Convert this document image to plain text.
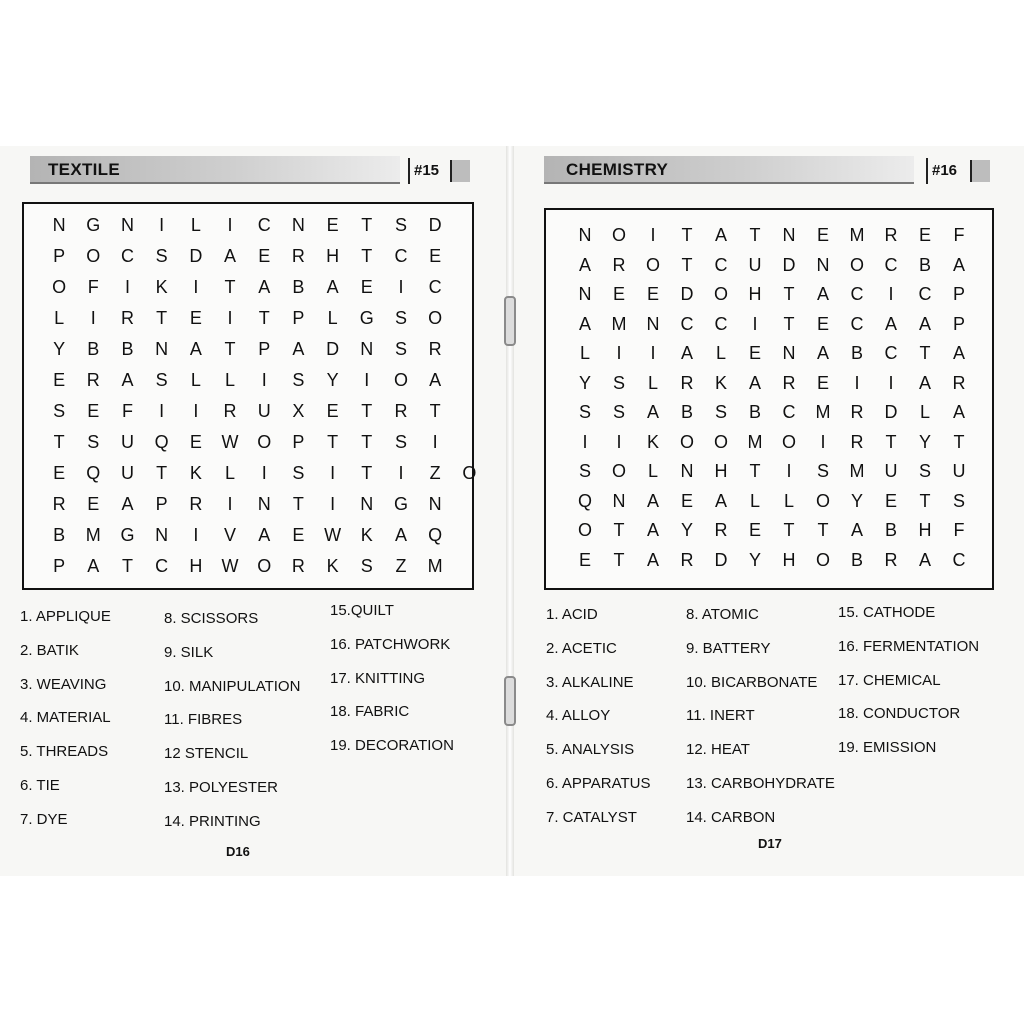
TEXTILE	#15
N	G	N	I	L	I	C	N	E	T	S	D
P	O	C	S	D	A	E	R	H	T	C	E
O	F	I	K	I	T	A	B	A	E	I	C
L	I	R	T	E	I	T	P	L	G	S	O
Y	B	B	N	A	T	P	A	D	N	S	R
E	R	A	S	L	L	I	S	Y	I	O	A
S	E	F	I	I	R	U	X	E	T	R	T
T	S	U	Q	E	W	O	P	T	T	S	I
E	Q	U	T	K	L	I	S	I	T	I	Z	O
R	E	A	P	R	I	N	T	I	N	G	N
B	M	G	N	I	V	A	E	W	K	A	Q
P	A	T	C	H	W	O	R	K	S	Z	M
1. APPLIQUE
2. BATIK
3. WEAVING
4. MATERIAL
5. THREADS
6. TIE
7. DYE
8. SCISSORS
9. SILK
10. MANIPULATION
11. FIBRES
12 STENCIL
13. POLYESTER
14. PRINTING
15.QUILT
16. PATCHWORK
17. KNITTING
18. FABRIC
19. DECORATION
D16
CHEMISTRY	#16
N	O	I	T	A	T	N	E	M	R	E	F
A	R	O	T	C	U	D	N	O	C	B	A
N	E	E	D	O	H	T	A	C	I	C	P
A	M	N	C	C	I	T	E	C	A	A	P
L	I	I	A	L	E	N	A	B	C	T	A
Y	S	L	R	K	A	R	E	I	I	A	R
S	S	A	B	S	B	C	M	R	D	L	A
I	I	K	O	O	M	O	I	R	T	Y	T
S	O	L	N	H	T	I	S	M	U	S	U
Q	N	A	E	A	L	L	O	Y	E	T	S
O	T	A	Y	R	E	T	T	A	B	H	F
E	T	A	R	D	Y	H	O	B	R	A	C
1. ACID
2. ACETIC
3. ALKALINE
4. ALLOY
5. ANALYSIS
6. APPARATUS
7. CATALYST
8. ATOMIC
9. BATTERY
10. BICARBONATE
11. INERT
12. HEAT
13. CARBOHYDRATE
14. CARBON
15. CATHODE
16. FERMENTATION
17. CHEMICAL
18. CONDUCTOR
19. EMISSION
D17
